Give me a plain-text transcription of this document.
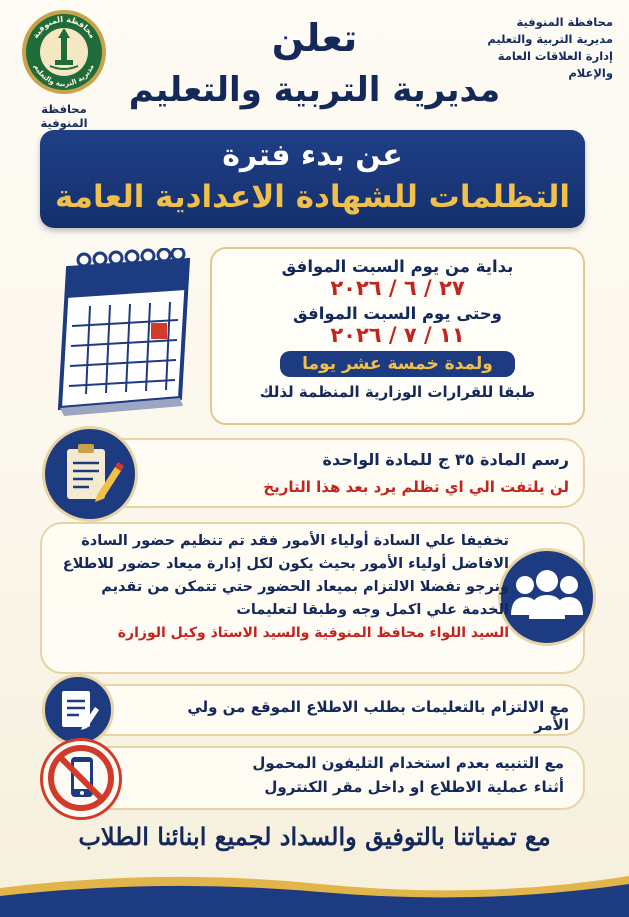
محافظة المنوفية
مديرية التربية والتعليم
إدارة العلاقات العامة والإعلام
محافظة المنوفية
مديرية التربية والتعليم
محافظة المنوفية
تعلن
مديرية التربية والتعليم
عن بدء فترة
التظلمات للشهادة الاعدادية العامة
بداية من يوم السبت الموافق
٢٧ / ٦ / ٢٠٢٦
وحتى يوم السبت الموافق
١١ / ٧ / ٢٠٢٦
ولمدة خمسة عشر يوما
طبقا للقرارات الوزارية المنظمة لذلك
رسم المادة ٣٥ ج للمادة الواحدة
لن يلتفت الي اي تظلم يرد بعد هذا التاريخ
تخفيفا علي السادة أولياء الأمور فقد تم تنظيم حضور السادة
الافاضل أولياء الأمور بحيث يكون لكل إدارة ميعاد حضور للاطلاع
ونرجو تفضلا الالتزام بميعاد الحضور حتي تتمكن من تقديم
الخدمة علي اكمل وجه وطبقا لتعليمات
السيد اللواء محافظ المنوفية والسيد الاستاذ وكيل الوزارة
مع الالتزام بالتعليمات بطلب الاطلاع الموقع من ولي الأمر
مع التنبيه بعدم استخدام التليفون المحمول
أثناء عملية الاطلاع او داخل مقر الكنترول
مع تمنياتنا بالتوفيق والسداد لجميع ابنائنا الطلاب
